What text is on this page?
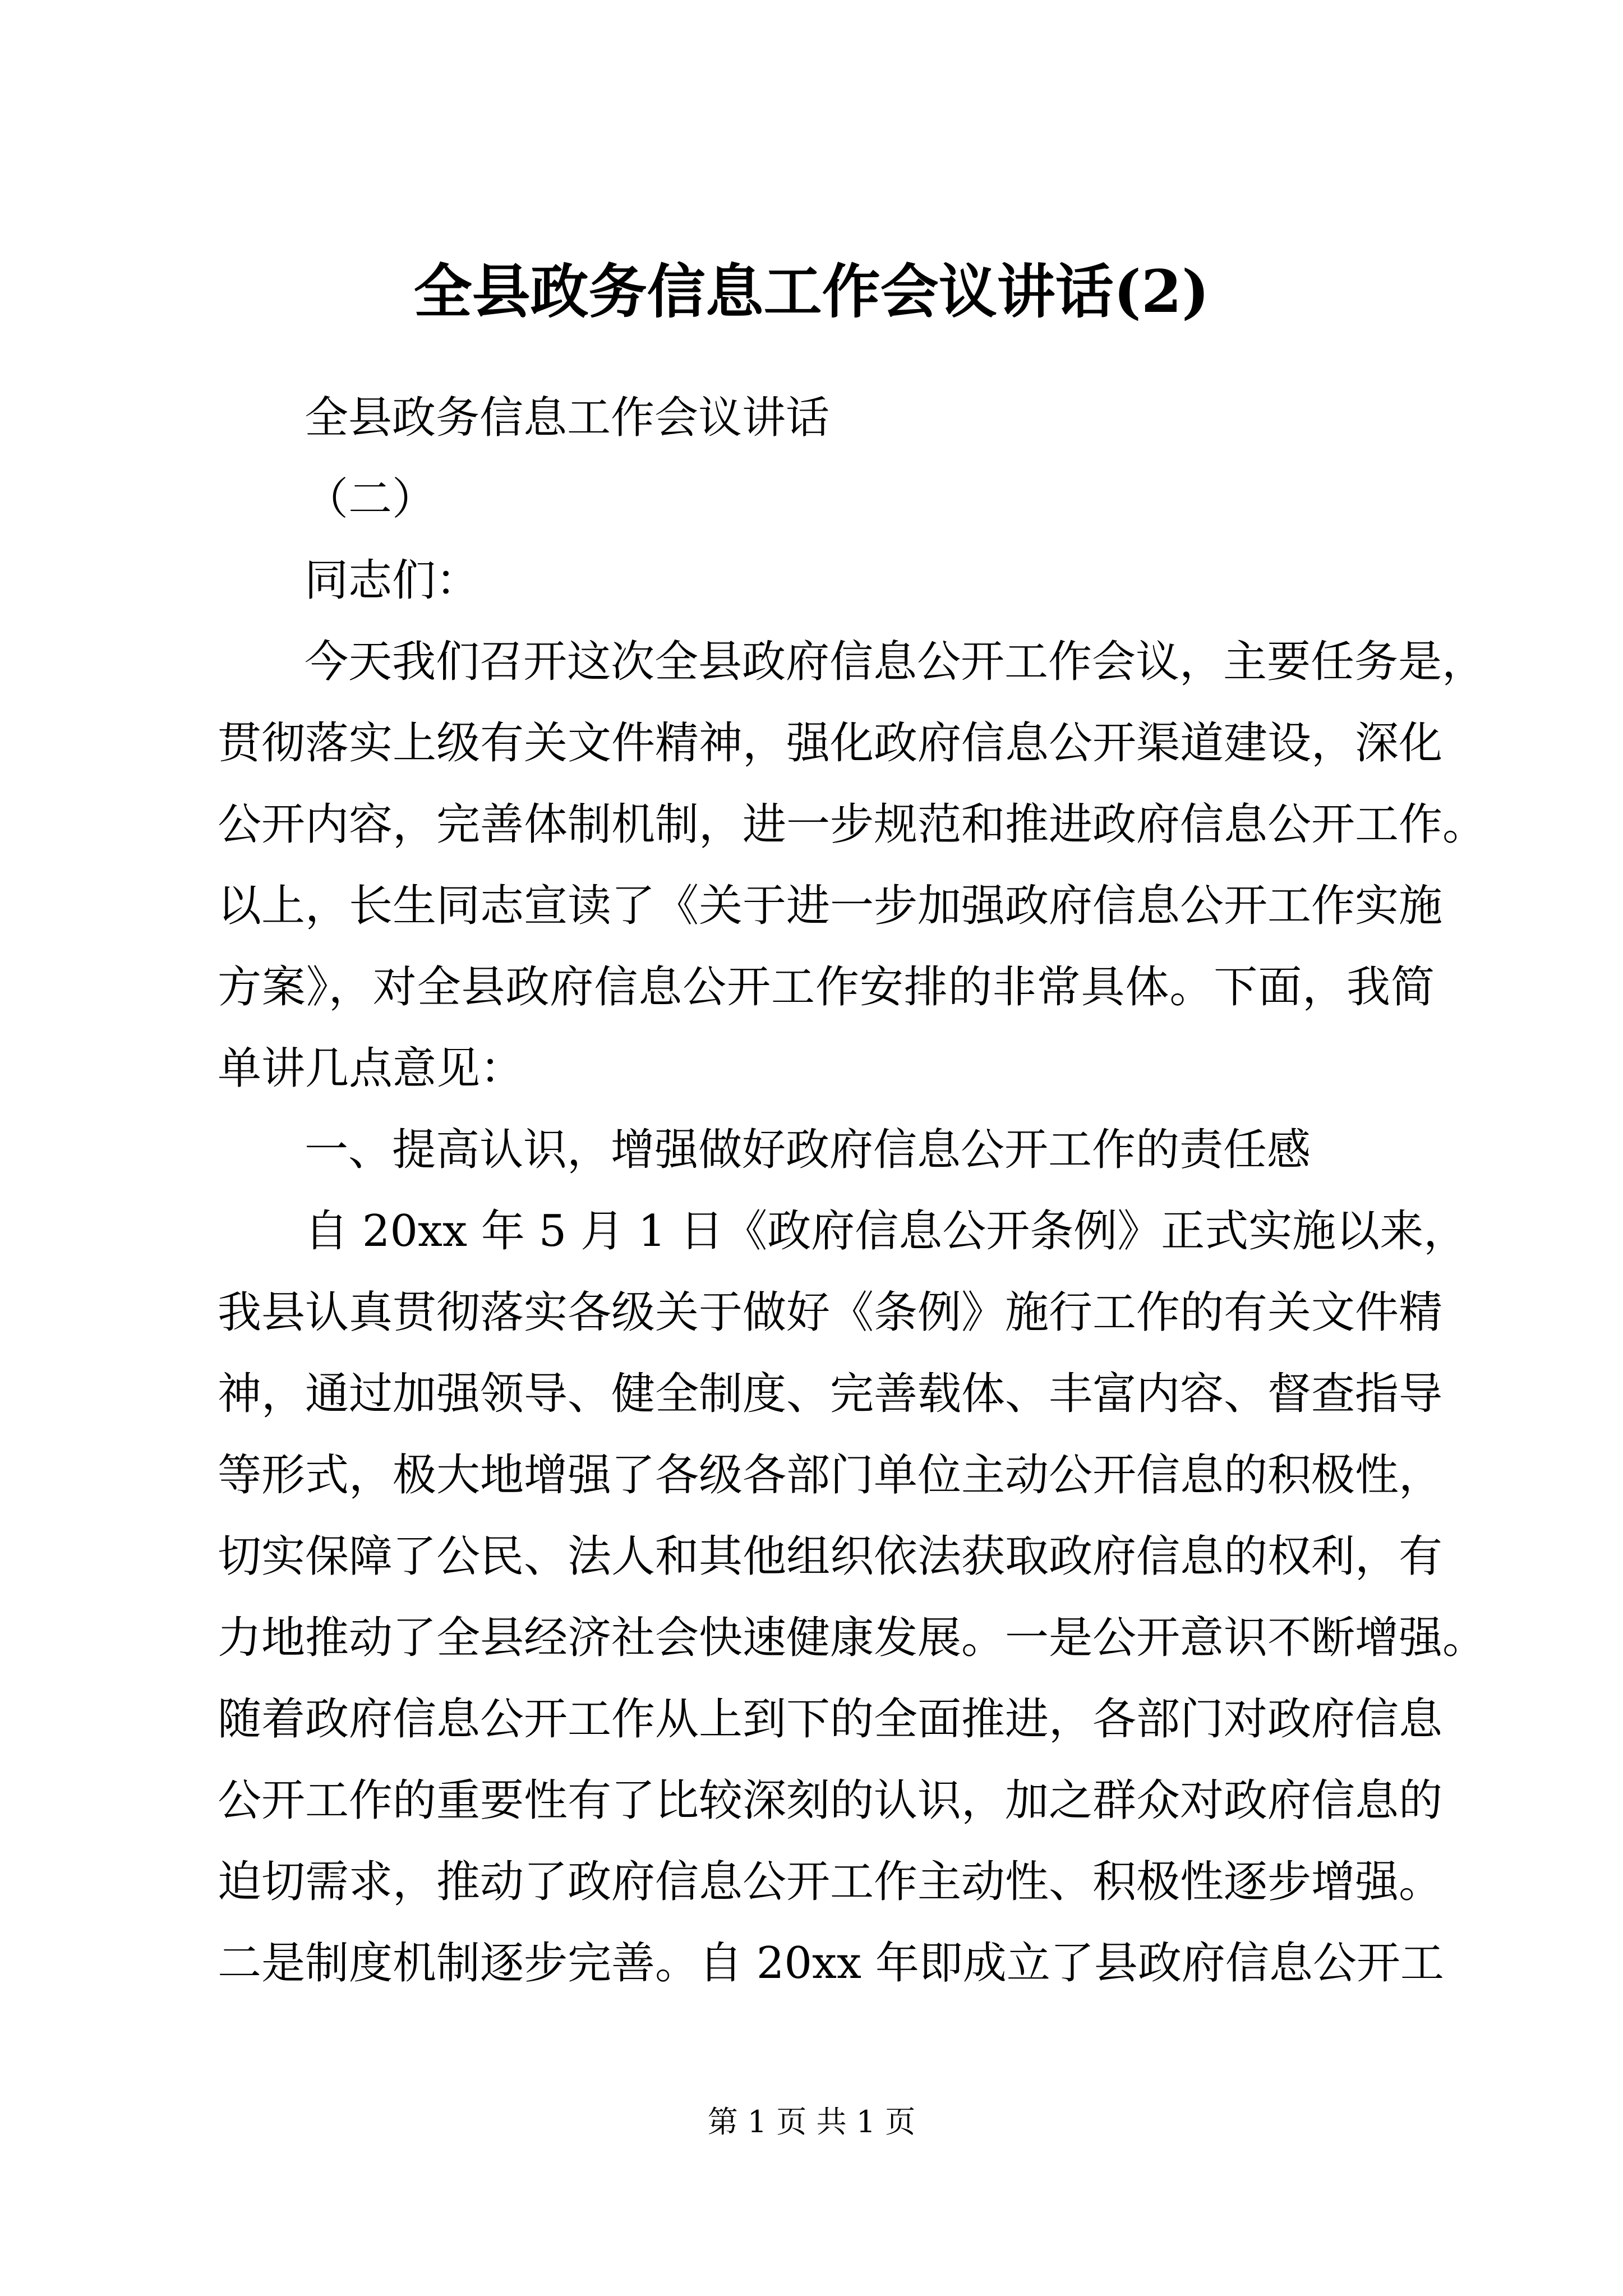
全县政务信息工作会议讲话(2)

全县政务信息工作会议讲话

（二）

同志们：

今天我们召开这次全县政府信息公开工作会议，主要任务是，

贯彻落实上级有关文件精神，强化政府信息公开渠道建设，深化

公开内容，完善体制机制，进一步规范和推进政府信息公开工作。

以上，长生同志宣读了《关于进一步加强政府信息公开工作实施

方案》，对全县政府信息公开工作安排的非常具体。下面，我简

单讲几点意见：

一、提高认识，增强做好政府信息公开工作的责任感

自 20xx 年 5 月 1 日《政府信息公开条例》正式实施以来，

我县认真贯彻落实各级关于做好《条例》施行工作的有关文件精

神，通过加强领导、健全制度、完善载体、丰富内容、督查指导

等形式，极大地增强了各级各部门单位主动公开信息的积极性，

切实保障了公民、法人和其他组织依法获取政府信息的权利，有

力地推动了全县经济社会快速健康发展。一是公开意识不断增强。

随着政府信息公开工作从上到下的全面推进，各部门对政府信息

公开工作的重要性有了比较深刻的认识，加之群众对政府信息的

迫切需求，推动了政府信息公开工作主动性、积极性逐步增强。

二是制度机制逐步完善。自 20xx 年即成立了县政府信息公开工

第 1 页 共 1 页
